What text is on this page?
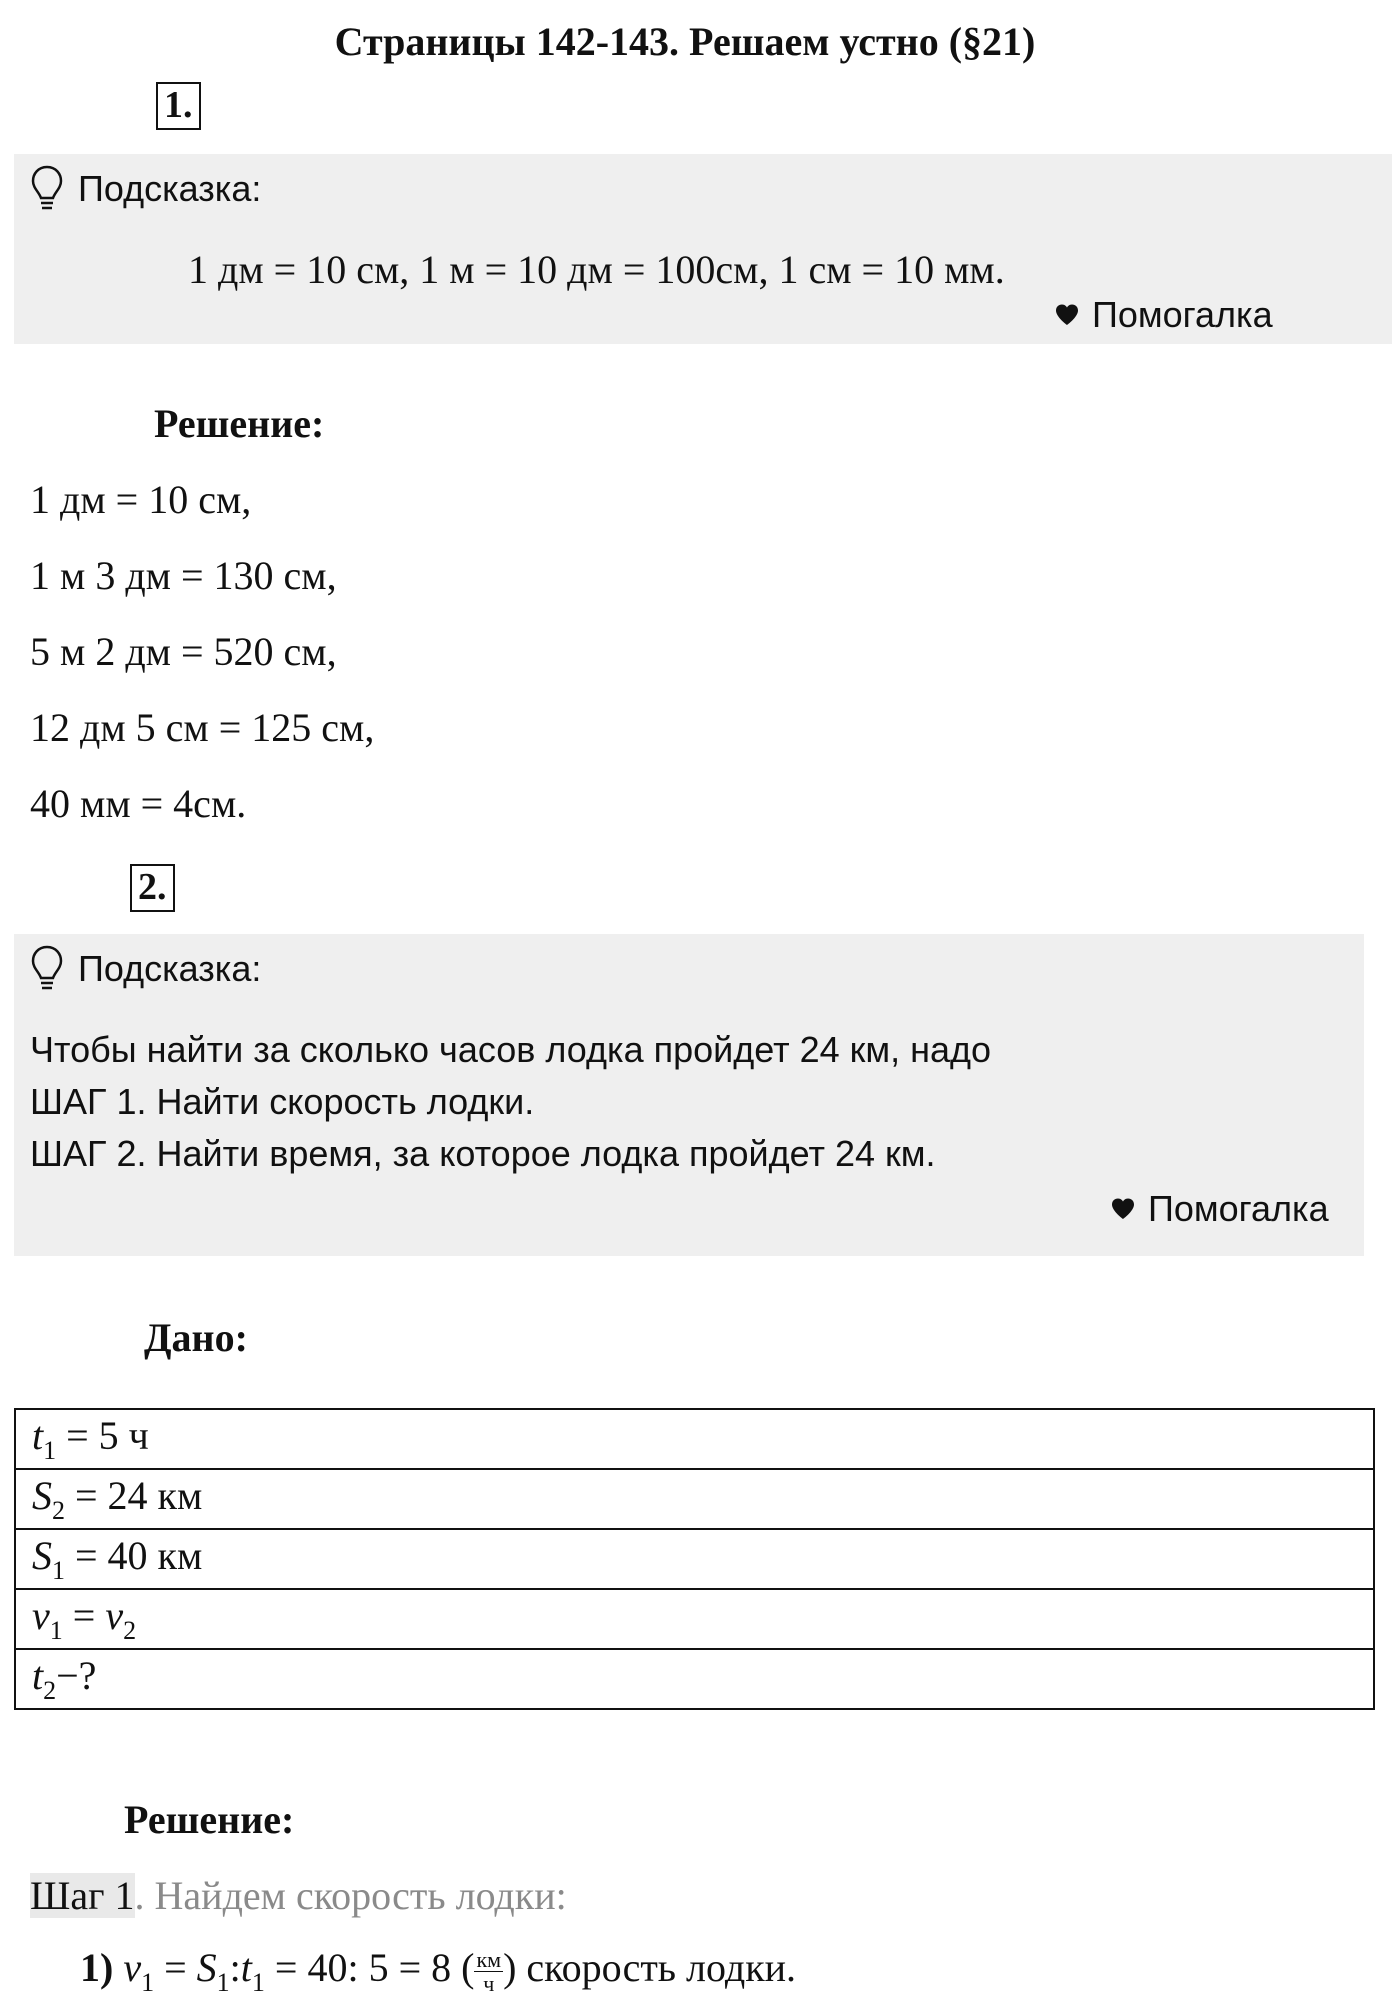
Страницы 142-143. Решаем устно (§21)
1.
Подсказка:
1 дм = 10 см, 1 м = 10 дм = 100см, 1 см = 10 мм.
Помогалка
Решение:
1 дм = 10 см,
1 м 3 дм = 130 см,
5 м 2 дм = 520 см,
12 дм 5 см = 125 см,
40 мм = 4см.
2.
Подсказка:
Чтобы найти за сколько часов лодка пройдет 24 км, надо
ШАГ 1. Найти скорость лодки.
ШАГ 2. Найти время, за которое лодка пройдет 24 км.
Помогалка
Дано:
$t_1 = 5$ ч
$S_2 = 24$ км
$S_1 = 40$ км
$v_1 = v_2$
$t_2-$?
Решение:
Шаг 1. Найдем скорость лодки:
1) $v_1$ = $S_1:t_1 = 40$: 5 = 8 ( $\frac{км}{ч}$ ) скорость лодки.
